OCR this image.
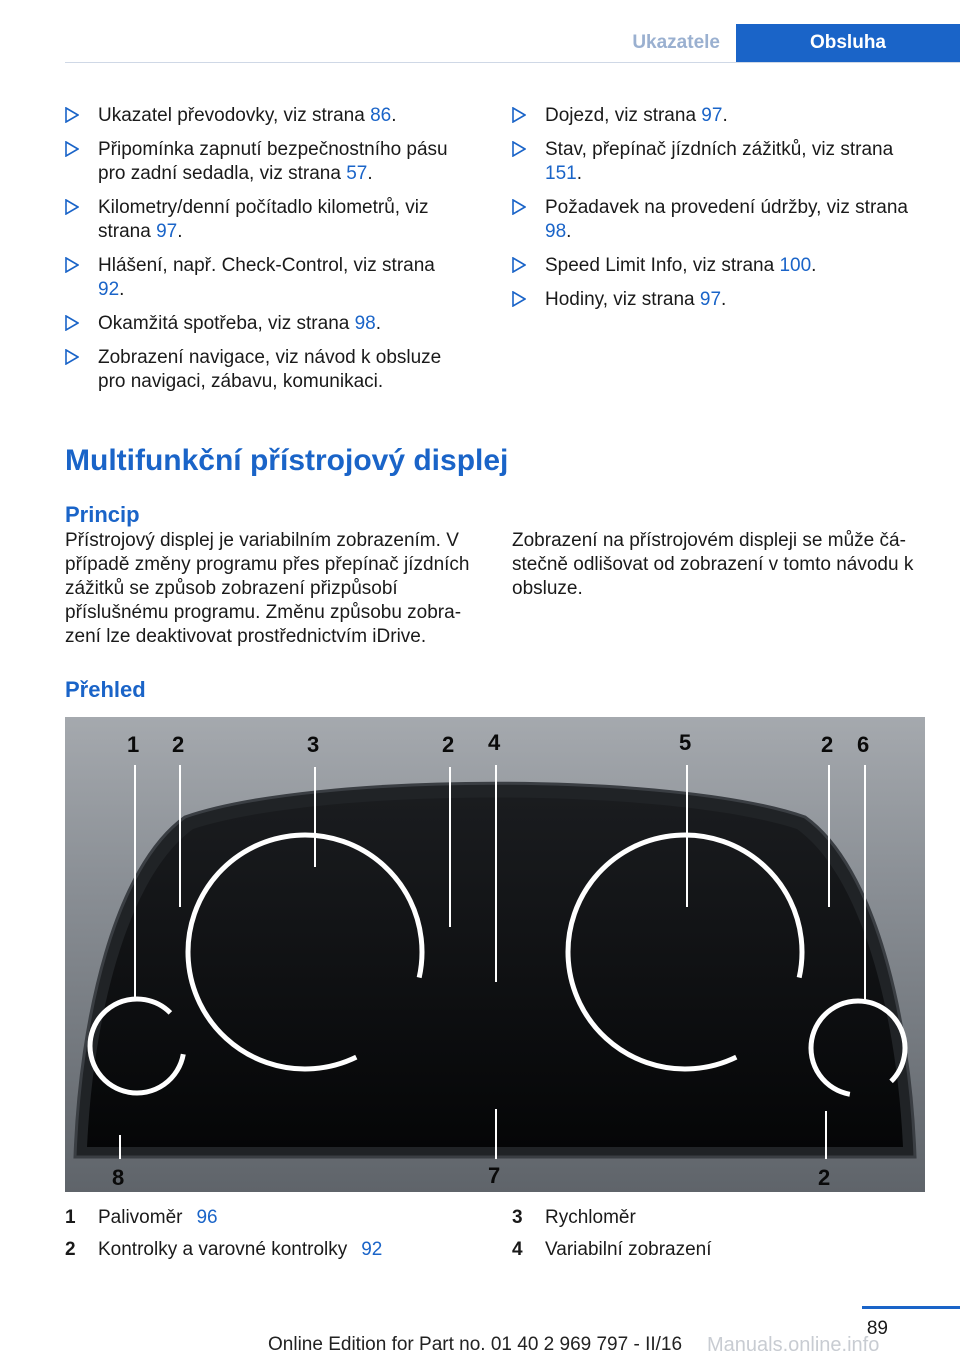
Ukazatele	Obsluha
Ukazatel převodovky, viz strana 86.
Připomínka zapnutí bezpečnostního pásu pro zadní sedadla, viz strana 57.
Kilometry/denní počítadlo kilometrů, viz strana 97.
Hlášení, např. Check-Control, viz strana 92.
Okamžitá spotřeba, viz strana 98.
Zobrazení navigace, viz návod k obsluze pro navigaci, zábavu, komunikaci.
Dojezd, viz strana 97.
Stav, přepínač jízdních zážitků, viz strana 151.
Požadavek na provedení údržby, viz strana 98.
Speed Limit Info, viz strana 100.
Hodiny, viz strana 97.
Multifunkční přístrojový displej
Princip
Přístrojový displej je variabilním zobrazením. V případě změny programu přes přepínač jízdních zážitků se způsob zobrazení přizpůsobí příslušnému programu. Změnu způsobu zobrazení lze deaktivovat prostřednictvím iDrive.
Zobrazení na přístrojovém displeji se může částečně odlišovat od zobrazení v tomto návodu k obsluze.
Přehled
1 2	3	2 4	5	2 6
8	7	2
1	Palivoměr 96
2	Kontrolky a varovné kontrolky 92
3	Rychloměr
4	Variabilní zobrazení
89
Online Edition for Part no. 01 40 2 969 797 - II/16 Manuals.online.info
